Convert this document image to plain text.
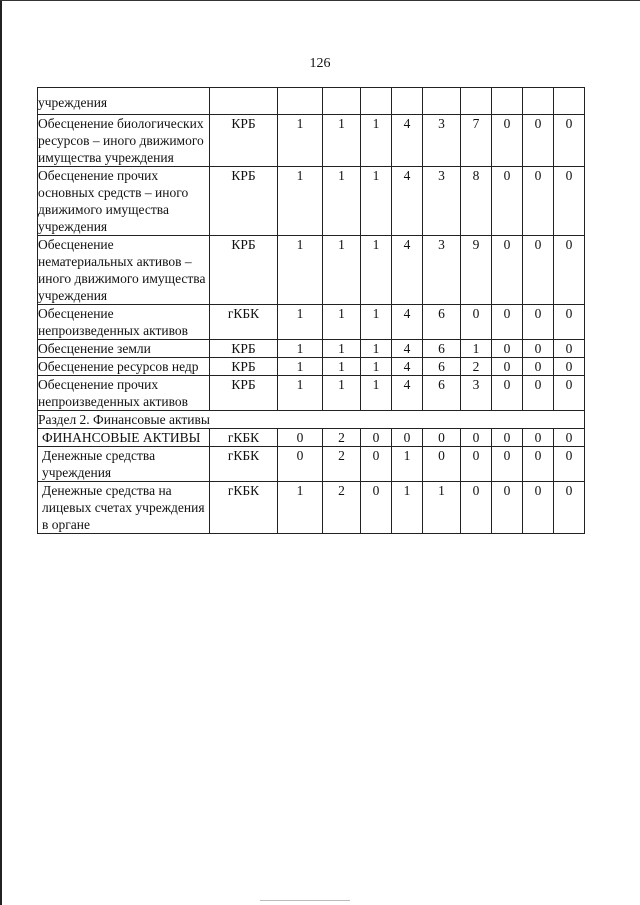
126
учреждения										
Обесценение биологических ресурсов – иного движимого имущества учреждения	КРБ	1	1	1	4	3	7	0	0	0
Обесценение прочих основных средств – иного движимого имущества учреждения	КРБ	1	1	1	4	3	8	0	0	0
Обесценение нематериальных активов – иного движимого имущества учреждения	КРБ	1	1	1	4	3	9	0	0	0
Обесценение непроизведенных активов	гКБК	1	1	1	4	6	0	0	0	0
Обесценение земли	КРБ	1	1	1	4	6	1	0	0	0
Обесценение ресурсов недр	КРБ	1	1	1	4	6	2	0	0	0
Обесценение прочих непроизведенных активов	КРБ	1	1	1	4	6	3	0	0	0
Раздел 2. Финансовые активы										
ФИНАНСОВЫЕ АКТИВЫ	гКБК	0	2	0	0	0	0	0	0	0
Денежные средства учреждения	гКБК	0	2	0	1	0	0	0	0	0
Денежные средства на лицевых счетах учреждения в органе	гКБК	1	2	0	1	1	0	0	0	0
